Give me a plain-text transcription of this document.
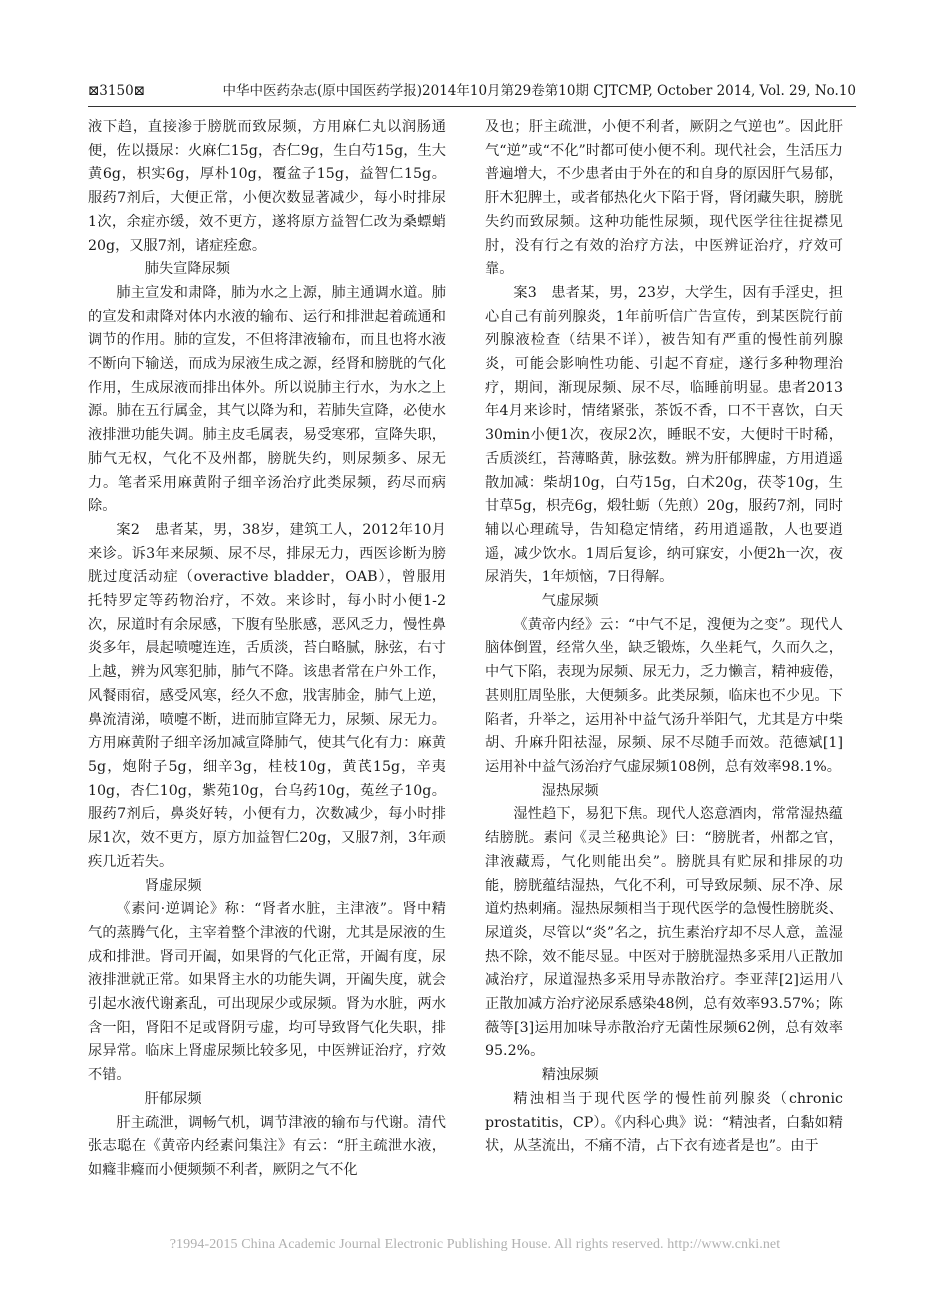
⊠3150⊠	中华中医药杂志(原中国医药学报)2014年10月第29卷第10期 CJTCMP, October 2014, Vol. 29, No.10

液下趋，直接渗于膀胱而致尿频，方用麻仁丸以润肠通便，佐以摄尿：火麻仁15g，杏仁9g，生白芍15g，生大黄6g，枳实6g，厚朴10g，覆盆子15g，益智仁15g。服药7剂后，大便正常，小便次数显著减少，每小时排尿1次，余症亦缓，效不更方，遂将原方益智仁改为桑螵蛸20g，又服7剂，诸症痊愈。

肺失宣降尿频

肺主宣发和肃降，肺为水之上源，肺主通调水道。肺的宣发和肃降对体内水液的输布、运行和排泄起着疏通和调节的作用。肺的宣发，不但将津液输布，而且也将水液不断向下输送，而成为尿液生成之源，经肾和膀胱的气化作用，生成尿液而排出体外。所以说肺主行水，为水之上源。肺在五行属金，其气以降为和，若肺失宣降，必使水液排泄功能失调。肺主皮毛属表，易受寒邪，宣降失职，肺气无权，气化不及州都，膀胱失约，则尿频多、尿无力。笔者采用麻黄附子细辛汤治疗此类尿频，药尽而病除。

案2　患者某，男，38岁，建筑工人，2012年10月来诊。诉3年来尿频、尿不尽，排尿无力，西医诊断为膀胱过度活动症（overactive bladder，OAB），曾服用托特罗定等药物治疗，不效。来诊时，每小时小便1-2次，尿道时有余尿感，下腹有坠胀感，恶风乏力，慢性鼻炎多年，晨起喷嚏连连，舌质淡，苔白略腻，脉弦，右寸上越，辨为风寒犯肺，肺气不降。该患者常在户外工作，风餐雨宿，感受风寒，经久不愈，戕害肺金，肺气上逆，鼻流清涕，喷嚏不断，进而肺宣降无力，尿频、尿无力。方用麻黄附子细辛汤加减宣降肺气，使其气化有力：麻黄5g，炮附子5g，细辛3g，桂枝10g，黄芪15g，辛夷10g，杏仁10g，紫苑10g，台乌药10g，菟丝子10g。服药7剂后，鼻炎好转，小便有力，次数减少，每小时排尿1次，效不更方，原方加益智仁20g，又服7剂，3年顽疾几近若失。

肾虚尿频

《素问·逆调论》称：“肾者水脏，主津液”。肾中精气的蒸腾气化，主宰着整个津液的代谢，尤其是尿液的生成和排泄。肾司开阖，如果肾的气化正常，开阖有度，尿液排泄就正常。如果肾主水的功能失调，开阖失度，就会引起水液代谢紊乱，可出现尿少或尿频。肾为水脏，两水含一阳，肾阳不足或肾阴亏虚，均可导致肾气化失职，排尿异常。临床上肾虚尿频比较多见，中医辨证治疗，疗效不错。

肝郁尿频

肝主疏泄，调畅气机，调节津液的输布与代谢。清代张志聪在《黄帝内经素问集注》有云：“肝主疏泄水液，如癃非癃而小便频频不利者，厥阴之气不化

及也；肝主疏泄，小便不利者，厥阴之气逆也”。因此肝气“逆”或“不化”时都可使小便不利。现代社会，生活压力普遍增大，不少患者由于外在的和自身的原因肝气易郁，肝木犯脾土，或者郁热化火下陷于肾，肾闭藏失职，膀胱失约而致尿频。这种功能性尿频，现代医学往往捉襟见肘，没有行之有效的治疗方法，中医辨证治疗，疗效可靠。

案3　患者某，男，23岁，大学生，因有手淫史，担心自己有前列腺炎，1年前听信广告宣传，到某医院行前列腺液检查（结果不详），被告知有严重的慢性前列腺炎，可能会影响性功能、引起不育症，遂行多种物理治疗，期间，渐现尿频、尿不尽，临睡前明显。患者2013年4月来诊时，情绪紧张，茶饭不香，口不干喜饮，白天30min小便1次，夜尿2次，睡眠不安，大便时干时稀，舌质淡红，苔薄略黄，脉弦数。辨为肝郁脾虚，方用逍遥散加减：柴胡10g，白芍15g，白术20g，茯苓10g，生甘草5g，枳壳6g，煅牡蛎（先煎）20g，服药7剂，同时辅以心理疏导，告知稳定情绪，药用逍遥散，人也要逍遥，减少饮水。1周后复诊，纳可寐安，小便2h一次，夜尿消失，1年烦恼，7日得解。

气虚尿频

《黄帝内经》云：“中气不足，溲便为之变”。现代人脑体倒置，经常久坐，缺乏锻炼，久坐耗气，久而久之，中气下陷，表现为尿频、尿无力，乏力懒言，精神疲倦，甚则肛周坠胀，大便频多。此类尿频，临床也不少见。下陷者，升举之，运用补中益气汤升举阳气，尤其是方中柴胡、升麻升阳祛湿，尿频、尿不尽随手而效。范德斌[1]运用补中益气汤治疗气虚尿频108例，总有效率98.1%。

湿热尿频

湿性趋下，易犯下焦。现代人恣意酒肉，常常湿热蕴结膀胱。素问《灵兰秘典论》曰：“膀胱者，州都之官，津液藏焉，气化则能出矣”。膀胱具有贮尿和排尿的功能，膀胱蕴结湿热，气化不利，可导致尿频、尿不净、尿道灼热刺痛。湿热尿频相当于现代医学的急慢性膀胱炎、尿道炎，尽管以“炎”名之，抗生素治疗却不尽人意，盖湿热不除，效不能尽显。中医对于膀胱湿热多采用八正散加减治疗，尿道湿热多采用导赤散治疗。李亚萍[2]运用八正散加减方治疗泌尿系感染48例，总有效率93.57%；陈薇等[3]运用加味导赤散治疗无菌性尿频62例，总有效率95.2%。

精浊尿频

精浊相当于现代医学的慢性前列腺炎（chronic prostatitis，CP）。《内科心典》说：“精浊者，白黏如精状，从茎流出，不痛不清，占下衣有迹者是也”。由于

?1994-2015 China Academic Journal Electronic Publishing House. All rights reserved. http://www.cnki.net
